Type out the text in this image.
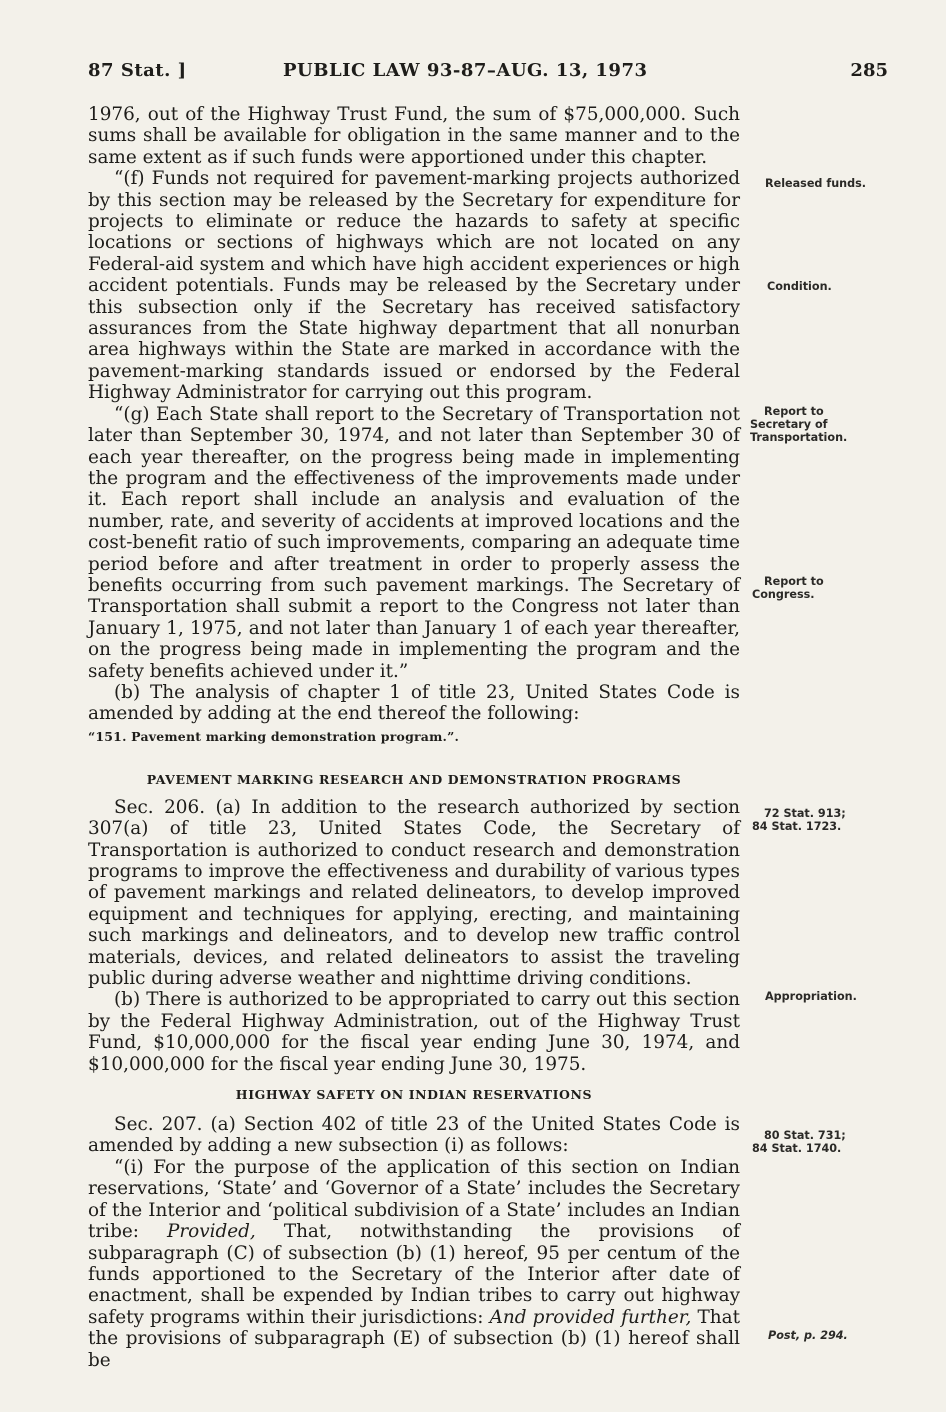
87 Stat. ]	PUBLIC LAW 93-87–AUG. 13, 1973	285

1976, out of the Highway Trust Fund, the sum of $75,000,000. Such sums shall be available for obligation in the same manner and to the same extent as if such funds were apportioned under this chapter.

“(f) Funds not required for pavement-marking projects authorized by this section may be released by the Secretary for expenditure for projects to eliminate or reduce the hazards to safety at specific locations or sections of highways which are not located on any Federal-aid system and which have high accident experiences or high accident potentials. Funds may be released by the Secretary under this subsection only if the Secretary has received satisfactory assurances from the State highway department that all nonurban area highways within the State are marked in accordance with the pavement-marking standards issued or endorsed by the Federal Highway Administrator for carrying out this program.

“(g) Each State shall report to the Secretary of Transportation not later than September 30, 1974, and not later than September 30 of each year thereafter, on the progress being made in implementing the program and the effectiveness of the improvements made under it. Each report shall include an analysis and evaluation of the number, rate, and severity of accidents at improved locations and the cost-benefit ratio of such improvements, comparing an adequate time period before and after treatment in order to properly assess the benefits occurring from such pavement markings. The Secretary of Transportation shall submit a report to the Congress not later than January 1, 1975, and not later than January 1 of each year thereafter, on the progress being made in implementing the program and the safety benefits achieved under it.”

(b) The analysis of chapter 1 of title 23, United States Code is amended by adding at the end thereof the following:

“151. Pavement marking demonstration program.”.

PAVEMENT MARKING RESEARCH AND DEMONSTRATION PROGRAMS

Sec. 206. (a) In addition to the research authorized by section 307(a) of title 23, United States Code, the Secretary of Transportation is authorized to conduct research and demonstration programs to improve the effectiveness and durability of various types of pavement markings and related delineators, to develop improved equipment and techniques for applying, erecting, and maintaining such markings and delineators, and to develop new traffic control materials, devices, and related delineators to assist the traveling public during adverse weather and nighttime driving conditions.

(b) There is authorized to be appropriated to carry out this section by the Federal Highway Administration, out of the Highway Trust Fund, $10,000,000 for the fiscal year ending June 30, 1974, and $10,000,000 for the fiscal year ending June 30, 1975.

HIGHWAY SAFETY ON INDIAN RESERVATIONS

Sec. 207. (a) Section 402 of title 23 of the United States Code is amended by adding a new subsection (i) as follows:

“(i) For the purpose of the application of this section on Indian reservations, ‘State’ and ‘Governor of a State’ includes the Secretary of the Interior and ‘political subdivision of a State’ includes an Indian tribe: Provided, That, notwithstanding the provisions of subparagraph (C) of subsection (b) (1) hereof, 95 per centum of the funds apportioned to the Secretary of the Interior after date of enactment, shall be expended by Indian tribes to carry out highway safety programs within their jurisdictions: And provided further, That the provisions of subparagraph (E) of subsection (b) (1) hereof shall be

Released funds.
Condition.
Report to
Secretary of
Transportation.
Report to
Congress.
72 Stat. 913;
84 Stat. 1723.
Appropriation.
80 Stat. 731;
84 Stat. 1740.
Post, p. 294.
